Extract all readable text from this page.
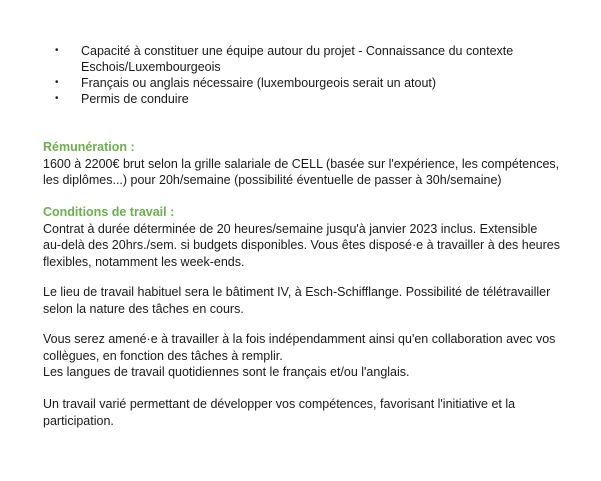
• Capacité à constituer une équipe autour du projet - Connaissance du contexte
Eschois/Luxembourgeois
• Français ou anglais nécessaire (luxembourgeois serait un atout)
• Permis de conduire
Rémunération :
1600 à 2200€ brut selon la grille salariale de CELL (basée sur l'expérience, les compétences,
les diplômes...) pour 20h/semaine (possibilité éventuelle de passer à 30h/semaine)
Conditions de travail :
Contrat à durée déterminée de 20 heures/semaine jusqu'à janvier 2023 inclus. Extensible
au-delà des 20hrs./sem. si budgets disponibles. Vous êtes disposé·e à travailler à des heures
flexibles, notamment les week-ends.
Le lieu de travail habituel sera le bâtiment IV, à Esch-Schifflange. Possibilité de télétravailler
selon la nature des tâches en cours.
Vous serez amené·e à travailler à la fois indépendamment ainsi qu'en collaboration avec vos
collègues, en fonction des tâches à remplir.
Les langues de travail quotidiennes sont le français et/ou l'anglais.
Un travail varié permettant de développer vos compétences, favorisant l'initiative et la
participation.
